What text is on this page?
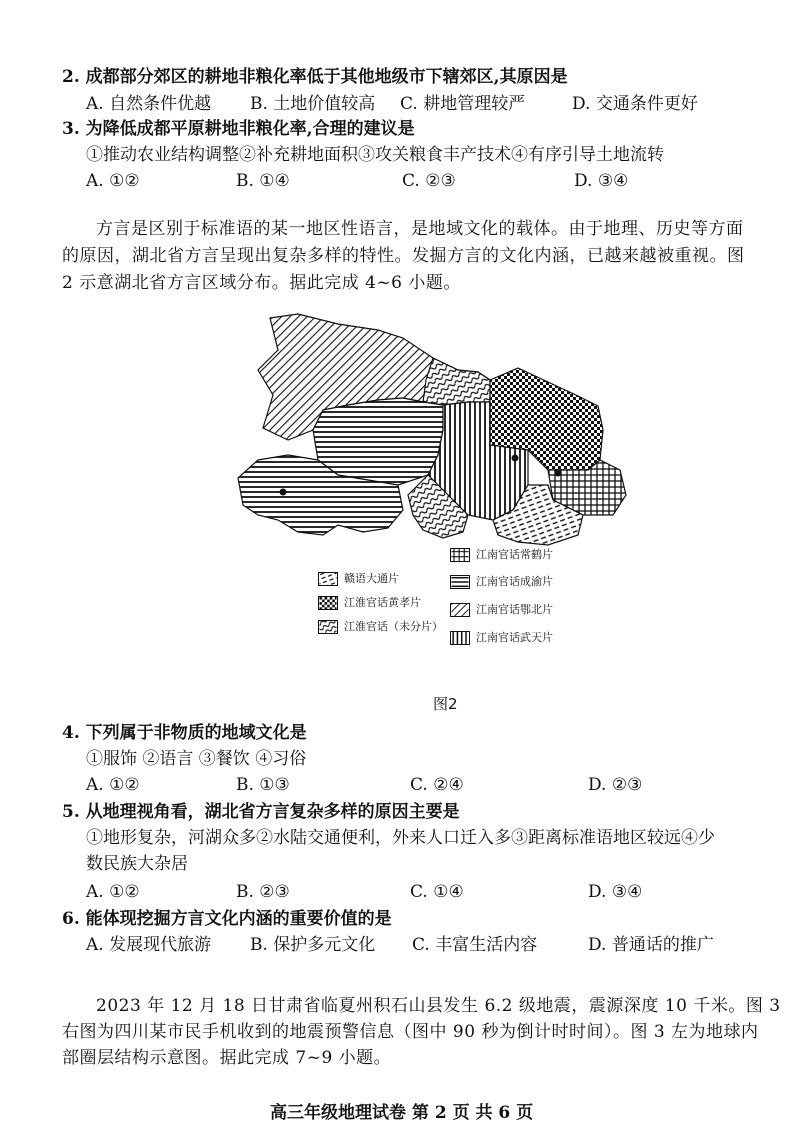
2. 成都部分郊区的耕地非粮化率低于其他地级市下辖郊区,其原因是
A. 自然条件优越 B. 土地价值较高 C. 耕地管理较严	D. 交通条件更好
3. 为降低成都平原耕地非粮化率,合理的建议是
①推动农业结构调整②补充耕地面积③攻关粮食丰产技术④有序引导土地流转
A. ①②	B. ①④	C. ②③	D. ③④
方言是区别于标准语的某一地区性语言，是地域文化的载体。由于地理、历史等方面
的原因，湖北省方言呈现出复杂多样的特性。发掘方言的文化内涵，已越来越被重视。图
2 示意湖北省方言区域分布。据此完成 4~6 小题。
赣语大通片
江淮官话黄孝片
江淮官话（未分片）
江南官话常鹤片
江南官话成渝片
江南官话鄂北片
江南官话武天片
图2
4. 下列属于非物质的地域文化是
①服饰 ②语言 ③餐饮 ④习俗
A. ①②	B. ①③	C. ②④	D. ②③
5. 从地理视角看，湖北省方言复杂多样的原因主要是
①地形复杂，河湖众多②水陆交通便利，外来人口迁入多③距离标准语地区较远④少
数民族大杂居
A. ①②	B. ②③	C. ①④	D. ③④
6. 能体现挖掘方言文化内涵的重要价值的是
A. 发展现代旅游 B. 保护多元文化 C. 丰富生活内容	D. 普通话的推广
2023 年 12 月 18 日甘肃省临夏州积石山县发生 6.2 级地震，震源深度 10 千米。图 3
右图为四川某市民手机收到的地震预警信息（图中 90 秒为倒计时时间）。图 3 左为地球内
部圈层结构示意图。据此完成 7~9 小题。
高三年级地理试卷 第 2 页 共 6 页
